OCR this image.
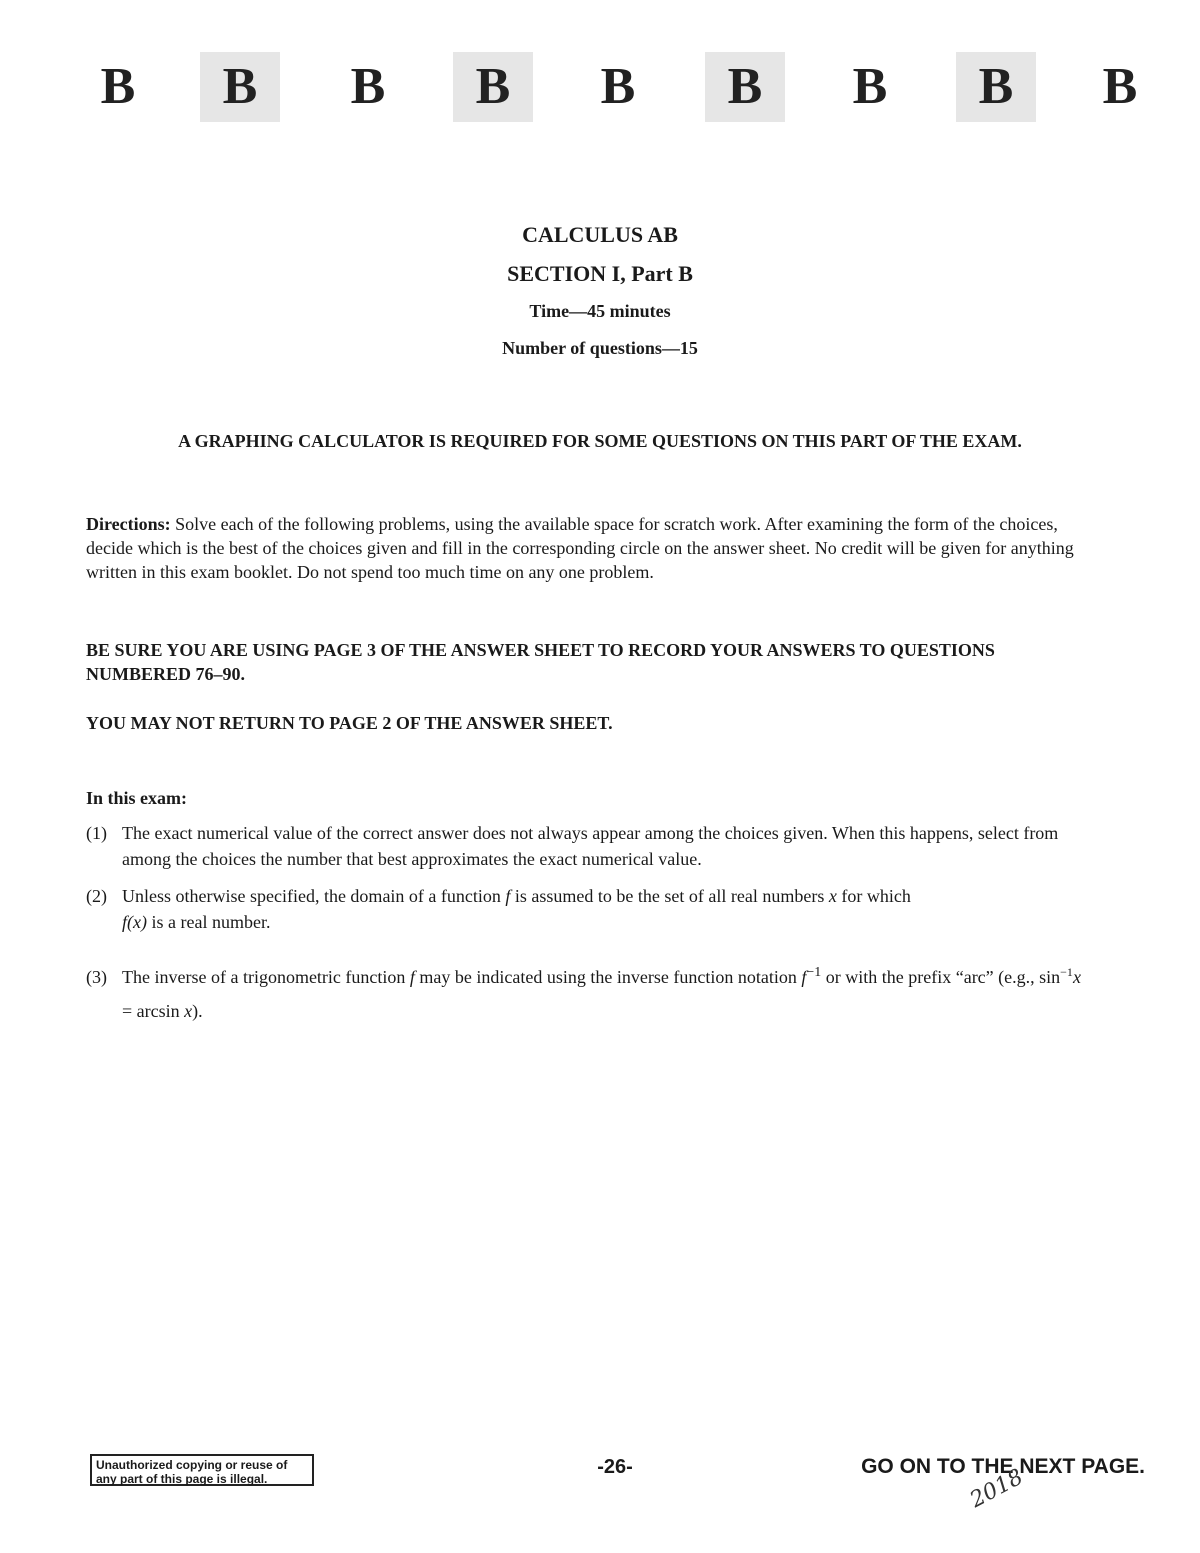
B	B	B	B	B	B	B	B	B

CALCULUS AB

SECTION I, Part B

Time—45 minutes

Number of questions—15

A GRAPHING CALCULATOR IS REQUIRED FOR SOME QUESTIONS ON THIS PART OF THE EXAM.
Directions: Solve each of the following problems, using the available space for scratch work. After examining the form of the choices, decide which is the best of the choices given and fill in the corresponding circle on the answer sheet. No credit will be given for anything written in this exam booklet. Do not spend too much time on any one problem.

BE SURE YOU ARE USING PAGE 3 OF THE ANSWER SHEET TO RECORD YOUR ANSWERS TO QUESTIONS NUMBERED 76–90.

YOU MAY NOT RETURN TO PAGE 2 OF THE ANSWER SHEET.

In this exam:
(1) The exact numerical value of the correct answer does not always appear among the choices given. When this happens, select from among the choices the number that best approximates the exact numerical value.
(2) Unless otherwise specified, the domain of a function f is assumed to be the set of all real numbers x for which
f(x) is a real number.
(3) The inverse of a trigonometric function f may be indicated using the inverse function notation $f^{-1}$ or with the prefix “arc” (e.g., $\sin^{-1}x = \arcsin x$).
Unauthorized copying or reuse of
any part of this page is illegal.
-26-	GO ON TO THE NEXT PAGE.
2018
